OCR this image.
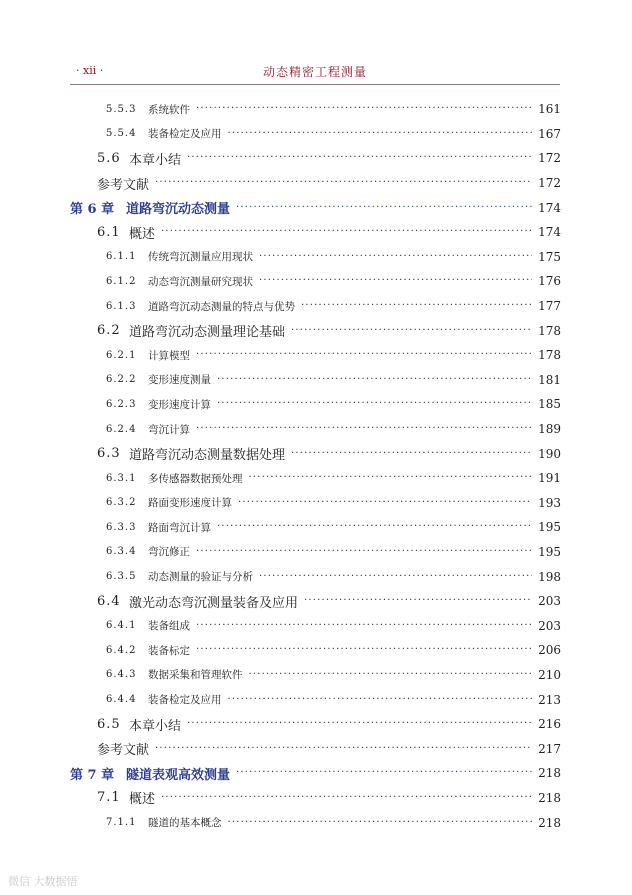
· xii ·	动态精密工程测量
5.5.3	系统软件 ·····	161
5.5.4	装备检定及应用 ·····	167
5.6 本章小结 ·····	172
参考文献 ·····	172
第 6 章 道路弯沉动态测量 ·····	174
6.1 概述 ·····	174
6.1.1	传统弯沉测量应用现状 ·····	175
6.1.2	动态弯沉测量研究现状 ·····	176
6.1.3	道路弯沉动态测量的特点与优势 ·····	177
6.2 道路弯沉动态测量理论基础 ·····	178
6.2.1	计算模型 ·····	178
6.2.2	变形速度测量 ·····	181
6.2.3	变形速度计算 ·····	185
6.2.4	弯沉计算 ·····	189
6.3 道路弯沉动态测量数据处理 ·····	190
6.3.1	多传感器数据预处理 ·····	191
6.3.2	路面变形速度计算 ·····	193
6.3.3	路面弯沉计算 ·····	195
6.3.4	弯沉修正 ·····	195
6.3.5	动态测量的验证与分析 ·····	198
6.4 激光动态弯沉测量装备及应用 ·····	203
6.4.1	装备组成 ·····	203
6.4.2	装备标定 ·····	206
6.4.3	数据采集和管理软件 ·····	210
6.4.4	装备检定及应用 ·····	213
6.5 本章小结 ·····	216
参考文献 ·····	217
第 7 章 隧道表观高效测量 ·····	218
7.1 概述 ·····	218
7.1.1	隧道的基本概念 ·····	218
微信 大数据悟
